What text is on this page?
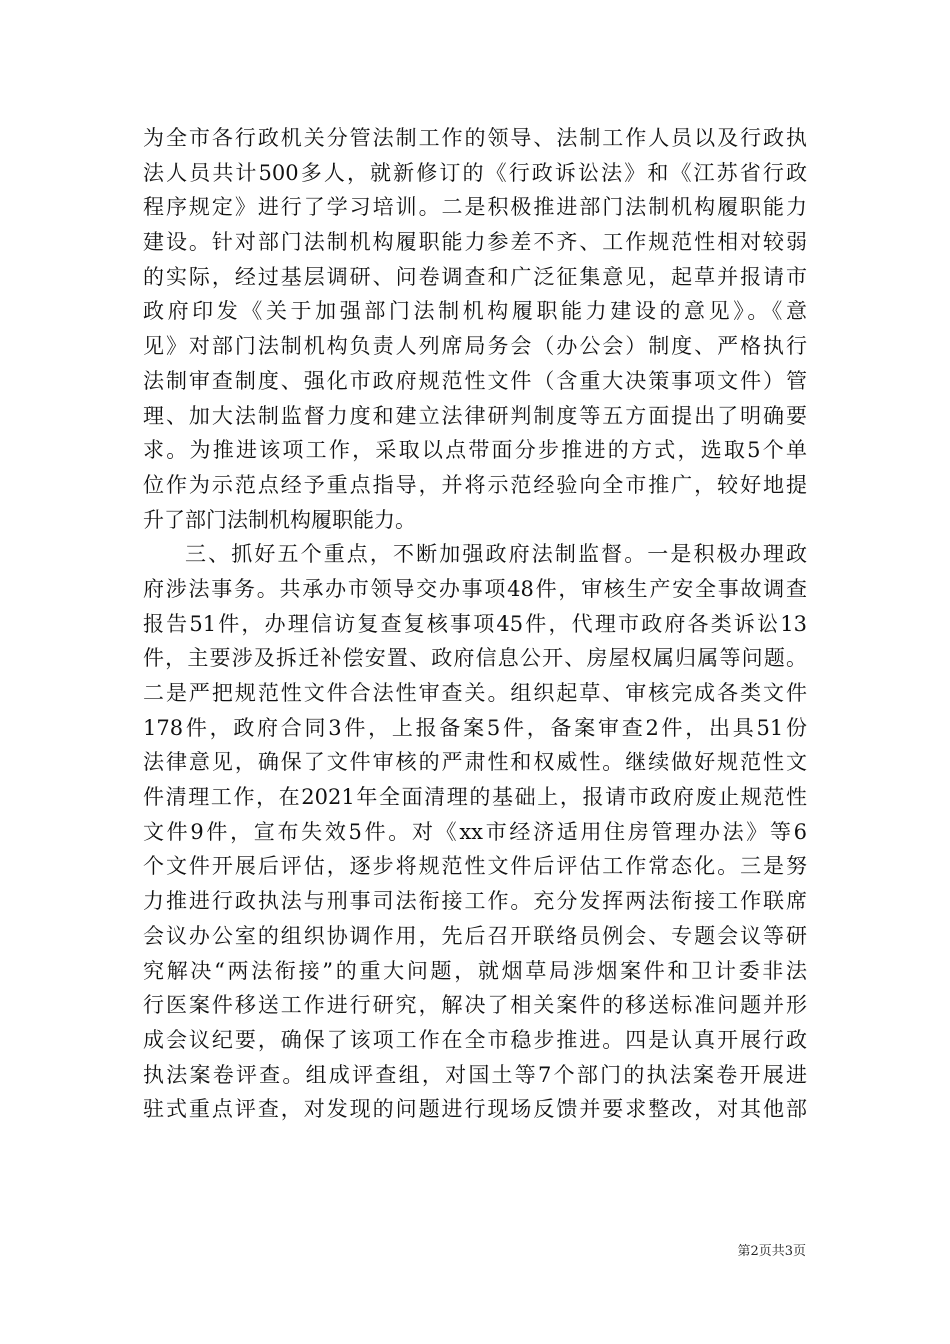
为全市各行政机关分管法制工作的领导、法制工作人员以及行政执
法人员共计500多人，就新修订的《行政诉讼法》和《江苏省行政
程序规定》进行了学习培训。二是积极推进部门法制机构履职能力
建设。针对部门法制机构履职能力参差不齐、工作规范性相对较弱
的实际，经过基层调研、问卷调查和广泛征集意见，起草并报请市
政府印发《关于加强部门法制机构履职能力建设的意见》。《意
见》对部门法制机构负责人列席局务会（办公会）制度、严格执行
法制审查制度、强化市政府规范性文件（含重大决策事项文件）管
理、加大法制监督力度和建立法律研判制度等五方面提出了明确要
求。为推进该项工作，采取以点带面分步推进的方式，选取5个单
位作为示范点经予重点指导，并将示范经验向全市推广，较好地提
升了部门法制机构履职能力。
三、抓好五个重点，不断加强政府法制监督。一是积极办理政
府涉法事务。共承办市领导交办事项48件，审核生产安全事故调查
报告51件，办理信访复查复核事项45件，代理市政府各类诉讼13
件，主要涉及拆迁补偿安置、政府信息公开、房屋权属归属等问题。
二是严把规范性文件合法性审查关。组织起草、审核完成各类文件
178件，政府合同3件，上报备案5件，备案审查2件，出具51份
法律意见，确保了文件审核的严肃性和权威性。继续做好规范性文
件清理工作，在2021年全面清理的基础上，报请市政府废止规范性
文件9件，宣布失效5件。对《xx市经济适用住房管理办法》等6
个文件开展后评估，逐步将规范性文件后评估工作常态化。三是努
力推进行政执法与刑事司法衔接工作。充分发挥两法衔接工作联席
会议办公室的组织协调作用，先后召开联络员例会、专题会议等研
究解决“两法衔接”的重大问题，就烟草局涉烟案件和卫计委非法
行医案件移送工作进行研究，解决了相关案件的移送标准问题并形
成会议纪要，确保了该项工作在全市稳步推进。四是认真开展行政
执法案卷评查。组成评查组，对国土等7个部门的执法案卷开展进
驻式重点评查，对发现的问题进行现场反馈并要求整改，对其他部
第2页共3页
